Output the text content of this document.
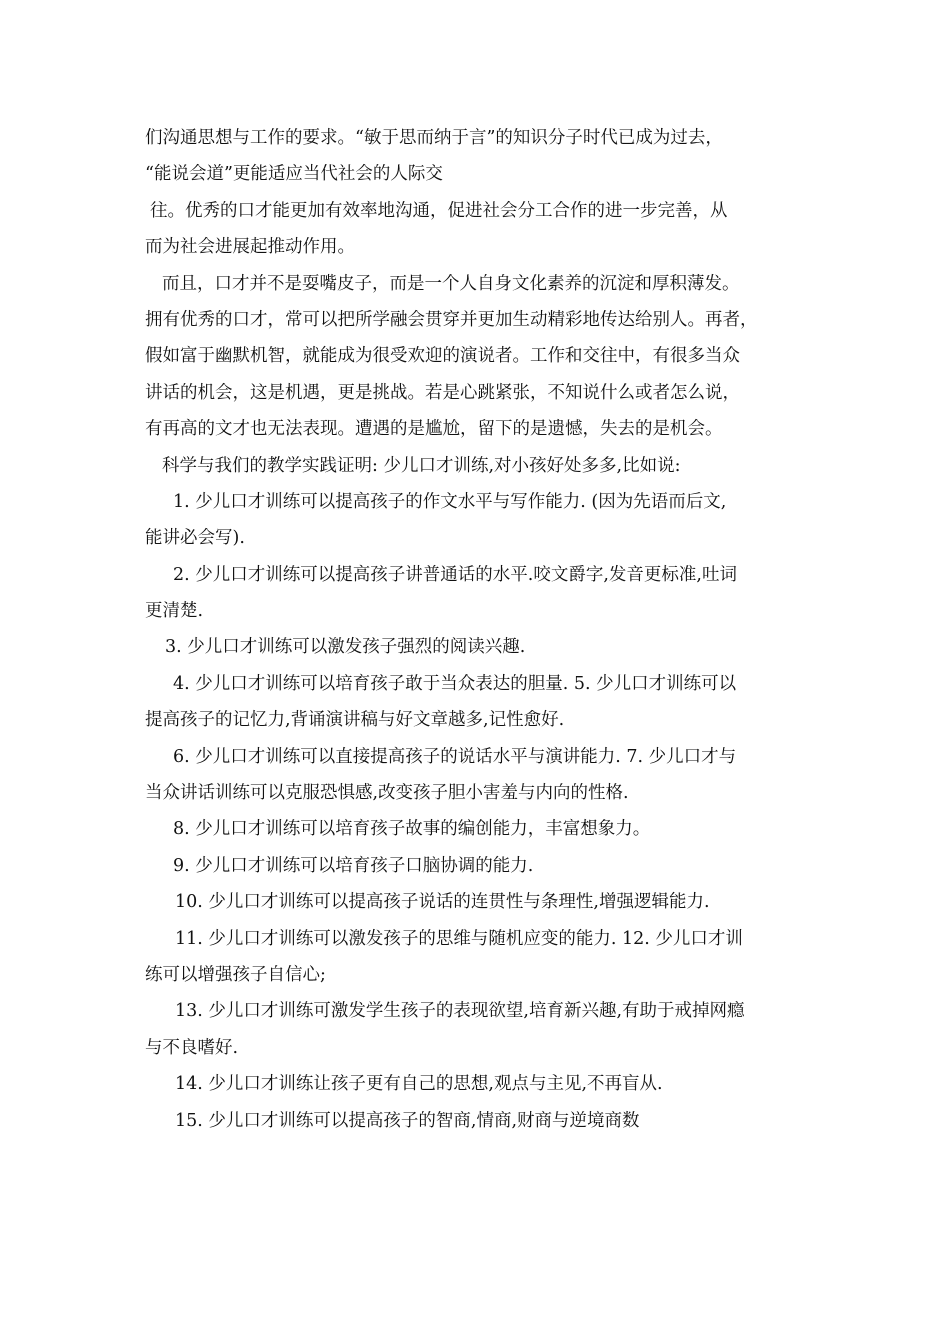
们沟通思想与工作的要求。“敏于思而纳于言”的知识分子时代已成为过去，
“能说会道”更能适应当代社会的人际交
往。优秀的口才能更加有效率地沟通，促进社会分工合作的进一步完善，从
而为社会进展起推动作用。
而且，口才并不是耍嘴皮子，而是一个人自身文化素养的沉淀和厚积薄发。
拥有优秀的口才，常可以把所学融会贯穿并更加生动精彩地传达给别人。再者，
假如富于幽默机智，就能成为很受欢迎的演说者。工作和交往中，有很多当众
讲话的机会，这是机遇，更是挑战。若是心跳紧张，不知说什么或者怎么说，
有再高的文才也无法表现。遭遇的是尴尬，留下的是遗憾，失去的是机会。
科学与我们的教学实践证明: 少儿口才训练,对小孩好处多多,比如说:
1. 少儿口才训练可以提高孩子的作文水平与写作能力. (因为先语而后文,
能讲必会写).
2. 少儿口才训练可以提高孩子讲普通话的水平.咬文爵字,发音更标准,吐词
更清楚.
3. 少儿口才训练可以激发孩子强烈的阅读兴趣.
4. 少儿口才训练可以培育孩子敢于当众表达的胆量. 5. 少儿口才训练可以
提高孩子的记忆力,背诵演讲稿与好文章越多,记性愈好.
6. 少儿口才训练可以直接提高孩子的说话水平与演讲能力. 7. 少儿口才与
当众讲话训练可以克服恐惧感,改变孩子胆小害羞与内向的性格.
8. 少儿口才训练可以培育孩子故事的编创能力，丰富想象力。
9. 少儿口才训练可以培育孩子口脑协调的能力.
10. 少儿口才训练可以提高孩子说话的连贯性与条理性,增强逻辑能力.
11. 少儿口才训练可以激发孩子的思维与随机应变的能力. 12. 少儿口才训
练可以增强孩子自信心;
13. 少儿口才训练可激发学生孩子的表现欲望,培育新兴趣,有助于戒掉网瘾
与不良嗜好.
14. 少儿口才训练让孩子更有自己的思想,观点与主见,不再盲从.
15. 少儿口才训练可以提高孩子的智商,情商,财商与逆境商数
